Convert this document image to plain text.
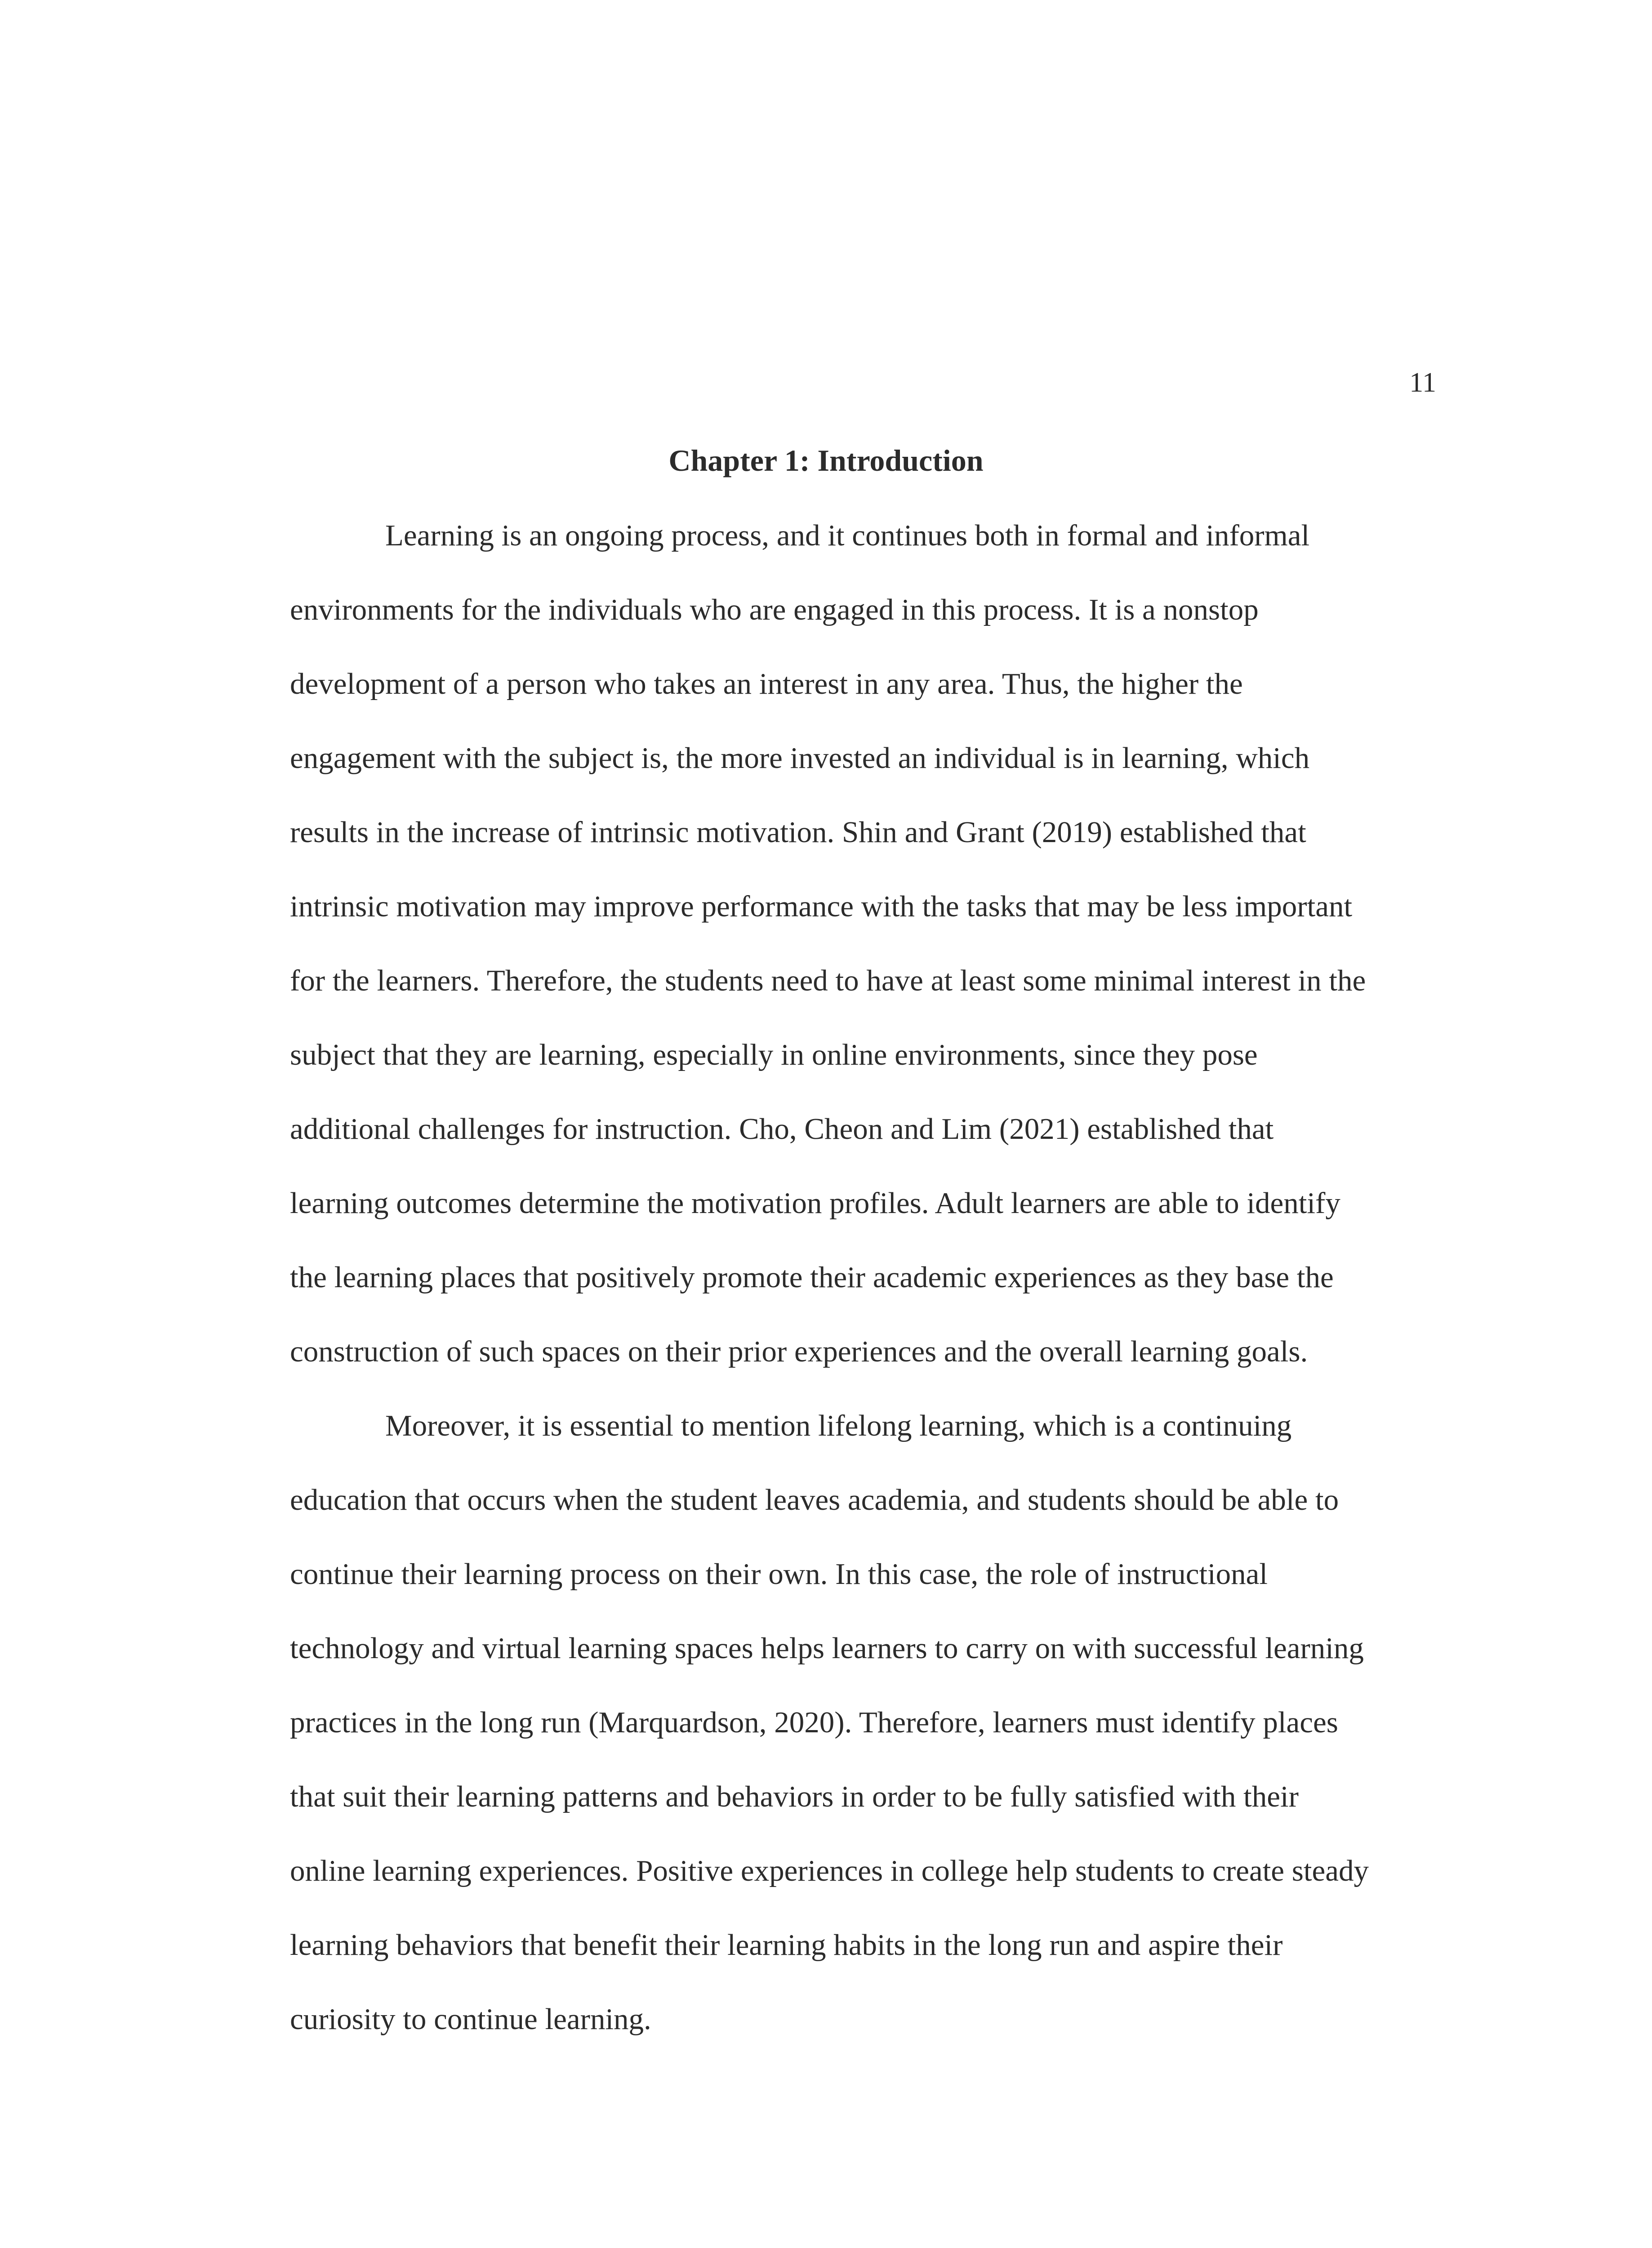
11
Chapter 1: Introduction
Learning is an ongoing process, and it continues both in formal and informal
environments for the individuals who are engaged in this process. It is a nonstop
development of a person who takes an interest in any area. Thus, the higher the
engagement with the subject is, the more invested an individual is in learning, which
results in the increase of intrinsic motivation. Shin and Grant (2019) established that
intrinsic motivation may improve performance with the tasks that may be less important
for the learners. Therefore, the students need to have at least some minimal interest in the
subject that they are learning, especially in online environments, since they pose
additional challenges for instruction. Cho, Cheon and Lim (2021) established that
learning outcomes determine the motivation profiles. Adult learners are able to identify
the learning places that positively promote their academic experiences as they base the
construction of such spaces on their prior experiences and the overall learning goals.
Moreover, it is essential to mention lifelong learning, which is a continuing
education that occurs when the student leaves academia, and students should be able to
continue their learning process on their own. In this case, the role of instructional
technology and virtual learning spaces helps learners to carry on with successful learning
practices in the long run (Marquardson, 2020). Therefore, learners must identify places
that suit their learning patterns and behaviors in order to be fully satisfied with their
online learning experiences. Positive experiences in college help students to create steady
learning behaviors that benefit their learning habits in the long run and aspire their
curiosity to continue learning.
